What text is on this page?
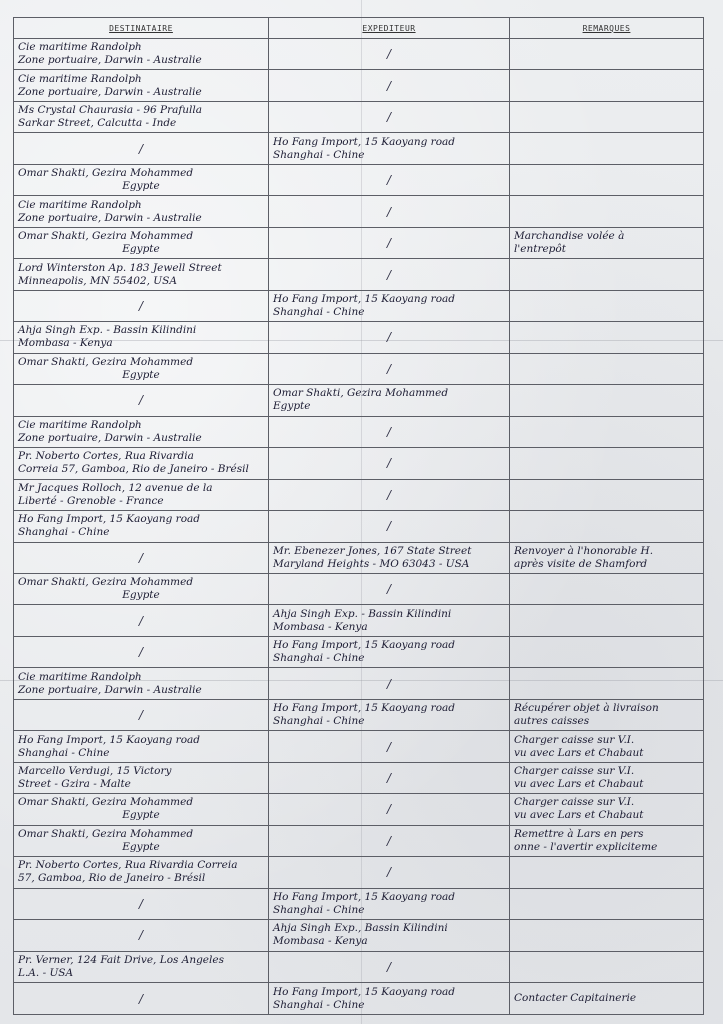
DESTINATAIRE	EXPEDITEUR	REMARQUES

Cie maritime Randolph
Zone portuaire, Darwin - Australie	/	

Cie maritime Randolph
Zone portuaire, Darwin - Australie	/	

Ms Crystal Chaurasia - 96 Prafulla
Sarkar Street, Calcutta - Inde	/	

/	Ho Fang Import, 15 Kaoyang road
Shanghai - Chine	

Omar Shakti, Gezira Mohammed
Egypte	/	

Cie maritime Randolph
Zone portuaire, Darwin - Australie	/	

Omar Shakti, Gezira Mohammed
Egypte	/	Marchandise volée à
l'entrepôt

Lord Winterston Ap. 183 Jewell Street
Minneapolis, MN 55402, USA	/	

/	Ho Fang Import, 15 Kaoyang road
Shanghai - Chine	

Ahja Singh Exp. - Bassin Kilindini
Mombasa - Kenya	/	

Omar Shakti, Gezira Mohammed
Egypte	/	

/	Omar Shakti, Gezira Mohammed
Egypte	

Cie maritime Randolph
Zone portuaire, Darwin - Australie	/	

Pr. Noberto Cortes, Rua Rivardia
Correia 57, Gamboa, Rio de Janeiro - Brésil	/	

Mr Jacques Rolloch, 12 avenue de la
Liberté - Grenoble - France	/	

Ho Fang Import, 15 Kaoyang road
Shanghai - Chine	/	

/	Mr. Ebenezer Jones, 167 State Street
Maryland Heights - MO 63043 - USA	Renvoyer à l'honorable H.
après visite de Shamford

Omar Shakti, Gezira Mohammed
Egypte	/	

/	Ahja Singh Exp. - Bassin Kilindini
Mombasa - Kenya	

/	Ho Fang Import, 15 Kaoyang road
Shanghai - Chine	

Cie maritime Randolph
Zone portuaire, Darwin - Australie	/	

/	Ho Fang Import, 15 Kaoyang road
Shanghai - Chine	Récupérer objet à livraison
autres caisses

Ho Fang Import, 15 Kaoyang road
Shanghai - Chine	/	Charger caisse sur V.I.
vu avec Lars et Chabaut

Marcello Verdugi, 15 Victory
Street - Gzira - Malte	/	Charger caisse sur V.I.
vu avec Lars et Chabaut

Omar Shakti, Gezira Mohammed
Egypte	/	Charger caisse sur V.I.
vu avec Lars et Chabaut

Omar Shakti, Gezira Mohammed
Egypte	/	Remettre à Lars en pers
onne - l'avertir expliciteme

Pr. Noberto Cortes, Rua Rivardia Correia
57, Gamboa, Rio de Janeiro - Brésil	/	

/	Ho Fang Import, 15 Kaoyang road
Shanghai - Chine	

/	Ahja Singh Exp., Bassin Kilindini
Mombasa - Kenya	

Pr. Verner, 124 Fait Drive, Los Angeles
L.A. - USA	/	

/	Ho Fang Import, 15 Kaoyang road
Shanghai - Chine	Contacter Capitainerie
